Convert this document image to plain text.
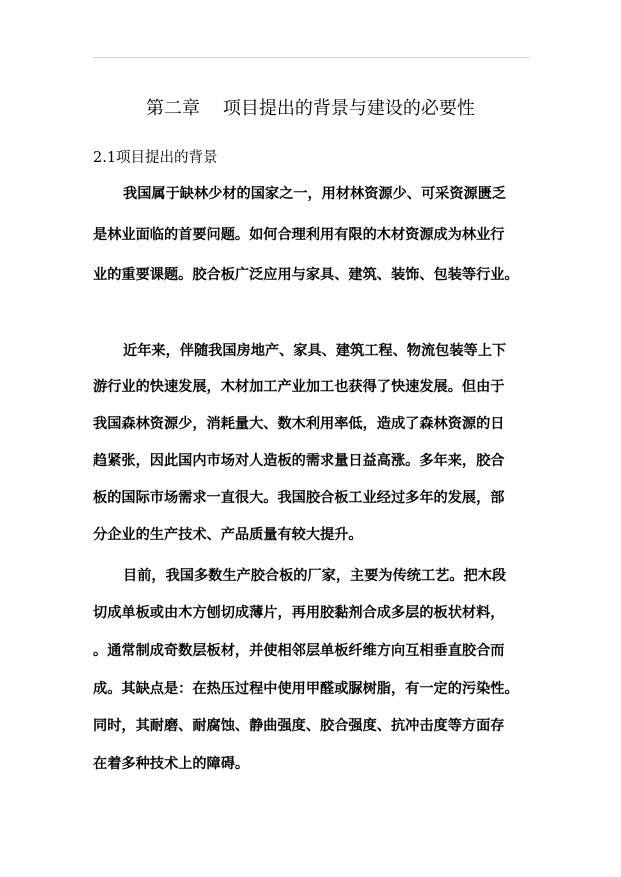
第二章    项目提出的背景与建设的必要性
2.1项目提出的背景
我国属于缺林少材的国家之一，用材林资源少、可采资源匮乏
是林业面临的首要问题。如何合理利用有限的木材资源成为林业行
业的重要课题。胶合板广泛应用与家具、建筑、装饰、包装等行业。
近年来，伴随我国房地产、家具、建筑工程、物流包装等上下
游行业的快速发展，木材加工产业加工也获得了快速发展。但由于
我国森林资源少，消耗量大、数木利用率低，造成了森林资源的日
趋紧张，因此国内市场对人造板的需求量日益高涨。多年来，胶合
板的国际市场需求一直很大。我国胶合板工业经过多年的发展，部
分企业的生产技术、产品质量有较大提升。
目前，我国多数生产胶合板的厂家，主要为传统工艺。把木段
切成单板或由木方刨切成薄片，再用胶黏剂合成多层的板状材料，
。通常制成奇数层板材，并使相邻层单板纤维方向互相垂直胶合而
成。其缺点是：在热压过程中使用甲醛或脲树脂，有一定的污染性。
同时，其耐磨、耐腐蚀、静曲强度、胶合强度、抗冲击度等方面存
在着多种技术上的障碍。
